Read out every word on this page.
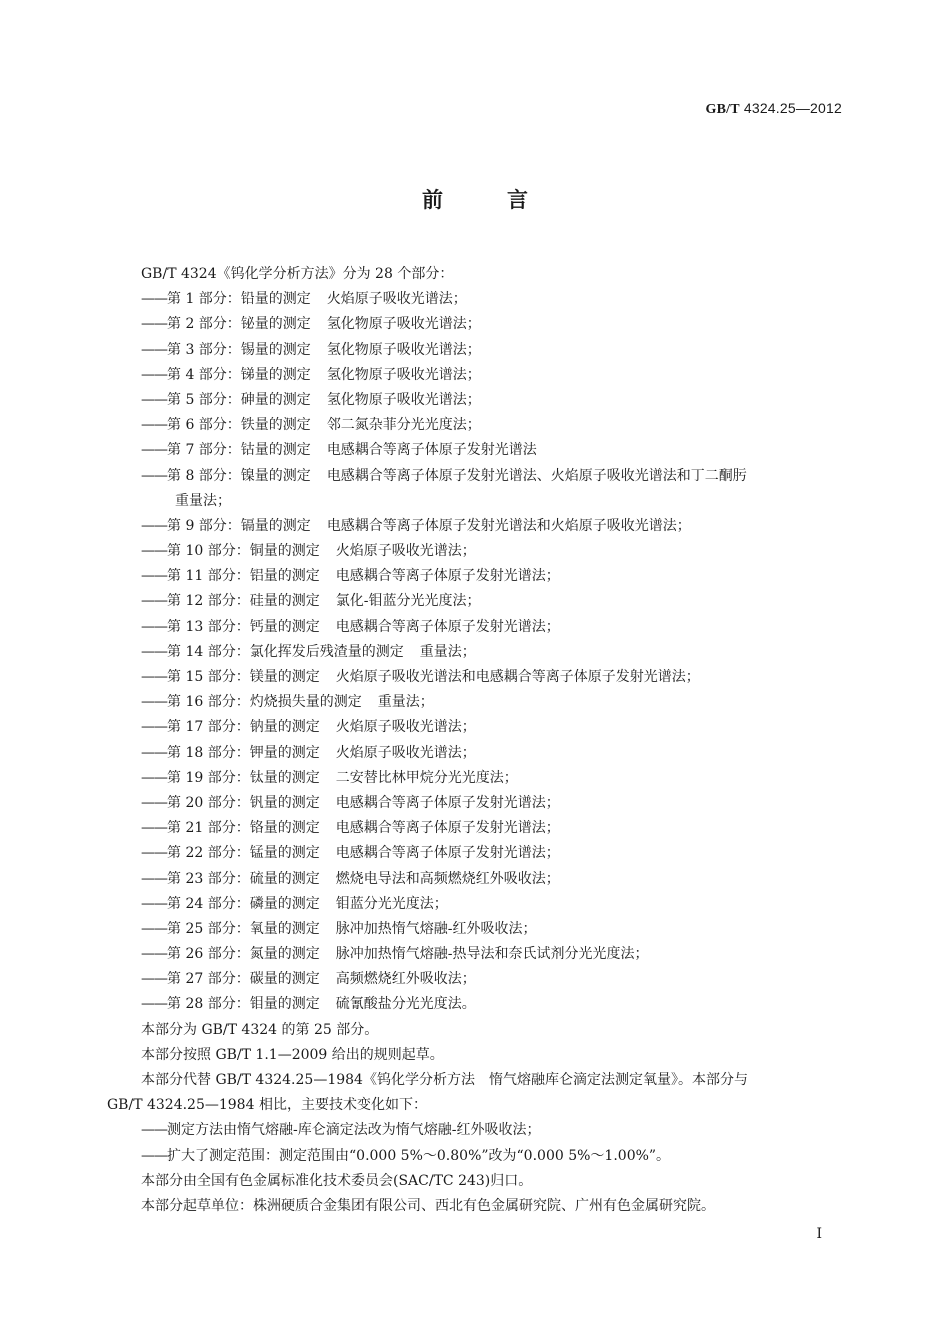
GB/T 4324.25—2012
前言
GB/T 4324《钨化学分析方法》分为 28 个部分：
——第 1 部分：铅量的测定 火焰原子吸收光谱法；
——第 2 部分：铋量的测定 氢化物原子吸收光谱法；
——第 3 部分：锡量的测定 氢化物原子吸收光谱法；
——第 4 部分：锑量的测定 氢化物原子吸收光谱法；
——第 5 部分：砷量的测定 氢化物原子吸收光谱法；
——第 6 部分：铁量的测定 邻二氮杂菲分光光度法；
——第 7 部分：钴量的测定 电感耦合等离子体原子发射光谱法
——第 8 部分：镍量的测定 电感耦合等离子体原子发射光谱法、火焰原子吸收光谱法和丁二酮肟
重量法；
——第 9 部分：镉量的测定 电感耦合等离子体原子发射光谱法和火焰原子吸收光谱法；
——第 10 部分：铜量的测定 火焰原子吸收光谱法；
——第 11 部分：铝量的测定 电感耦合等离子体原子发射光谱法；
——第 12 部分：硅量的测定 氯化-钼蓝分光光度法；
——第 13 部分：钙量的测定 电感耦合等离子体原子发射光谱法；
——第 14 部分：氯化挥发后残渣量的测定 重量法；
——第 15 部分：镁量的测定 火焰原子吸收光谱法和电感耦合等离子体原子发射光谱法；
——第 16 部分：灼烧损失量的测定 重量法；
——第 17 部分：钠量的测定 火焰原子吸收光谱法；
——第 18 部分：钾量的测定 火焰原子吸收光谱法；
——第 19 部分：钛量的测定 二安替比林甲烷分光光度法；
——第 20 部分：钒量的测定 电感耦合等离子体原子发射光谱法；
——第 21 部分：铬量的测定 电感耦合等离子体原子发射光谱法；
——第 22 部分：锰量的测定 电感耦合等离子体原子发射光谱法；
——第 23 部分：硫量的测定 燃烧电导法和高频燃烧红外吸收法；
——第 24 部分：磷量的测定 钼蓝分光光度法；
——第 25 部分：氧量的测定 脉冲加热惰气熔融-红外吸收法；
——第 26 部分：氮量的测定 脉冲加热惰气熔融-热导法和奈氏试剂分光光度法；
——第 27 部分：碳量的测定 高频燃烧红外吸收法；
——第 28 部分：钼量的测定 硫氰酸盐分光光度法。
本部分为 GB/T 4324 的第 25 部分。
本部分按照 GB/T 1.1—2009 给出的规则起草。
本部分代替 GB/T 4324.25—1984《钨化学分析方法　惰气熔融库仑滴定法测定氧量》。本部分与
GB/T 4324.25—1984 相比，主要技术变化如下：
——测定方法由惰气熔融-库仑滴定法改为惰气熔融-红外吸收法；
——扩大了测定范围：测定范围由“0.000 5%～0.80%”改为“0.000 5%～1.00%”。
本部分由全国有色金属标准化技术委员会(SAC/TC 243)归口。
本部分起草单位：株洲硬质合金集团有限公司、西北有色金属研究院、广州有色金属研究院。
I
